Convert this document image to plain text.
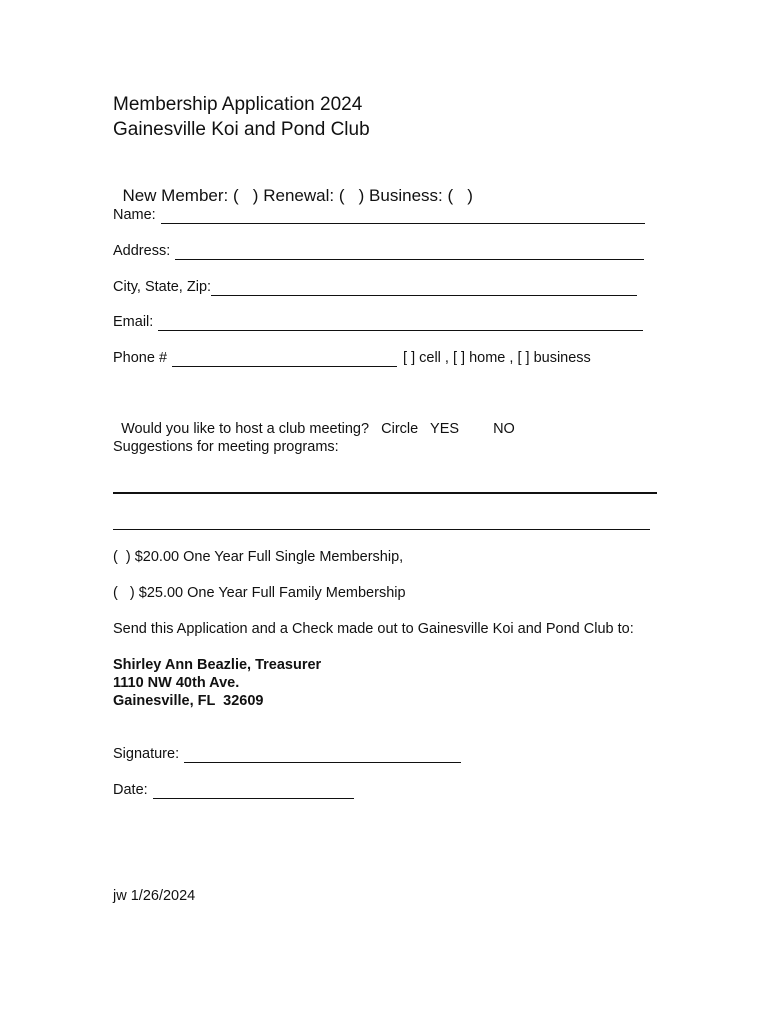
Membership Application 2024
Gainesville Koi and Pond Club

New Member: (   ) Renewal: (   ) Business: (   )

Name:
Address:
City, State, Zip:
Email:
Phone #	[ ] cell , [ ] home , [ ] business

Would you like to host a club meeting? Circle YES NO

Suggestions for meeting programs:
(  ) $20.00 One Year Full Single Membership,
(   ) $25.00 One Year Full Family Membership
Send this Application and a Check made out to Gainesville Koi and Pond Club to:
Shirley Ann Beazlie, Treasurer
1110 NW 40th Ave.
Gainesville, FL  32609
Signature:
Date:
jw 1/26/2024
